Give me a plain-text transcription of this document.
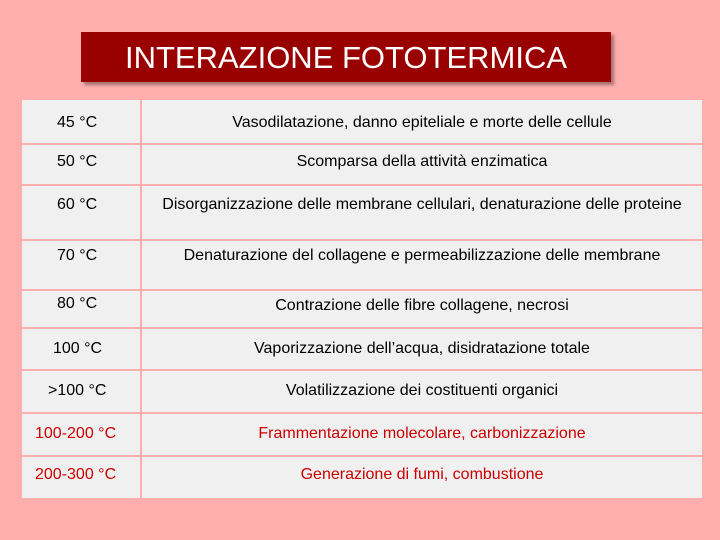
INTERAZIONE FOTOTERMICA
45 °C	Vasodilatazione, danno epiteliale e morte delle cellule
50 °C	Scomparsa della attività enzimatica
60 °C	Disorganizzazione delle membrane cellulari, denaturazione delle proteine
70 °C	Denaturazione del collagene e permeabilizzazione delle membrane
80 °C	Contrazione delle fibre collagene, necrosi
100 °C	Vaporizzazione dell’acqua, disidratazione totale
>100 °C	Volatilizzazione dei costituenti organici
100-200 °C	Frammentazione molecolare, carbonizzazione
200-300 °C	Generazione di fumi, combustione
